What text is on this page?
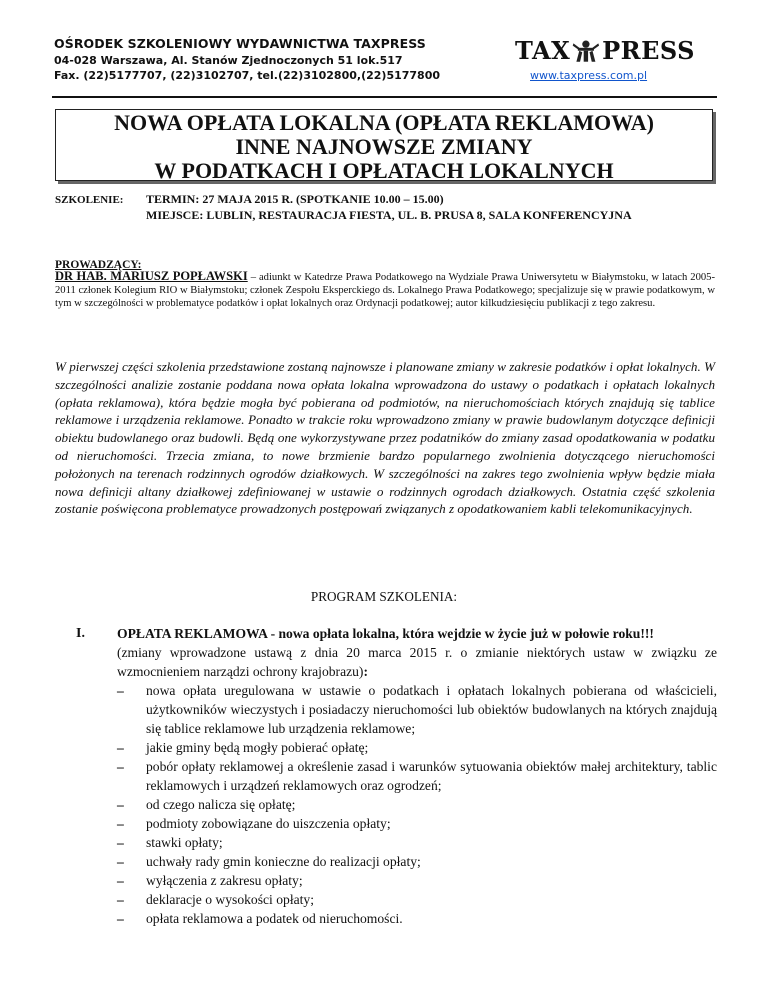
OŚRODEK SZKOLENIOWY WYDAWNICTWA TAXPRESS
04-028 Warszawa, Al. Stanów Zjednoczonych 51 lok.517
Fax. (22)5177707, (22)3102707, tel.(22)3102800,(22)5177800
TAX PRESS
www.taxpress.com.pl
NOWA OPŁATA LOKALNA (OPŁATA REKLAMOWA)
INNE NAJNOWSZE ZMIANY
W PODATKACH I OPŁATACH LOKALNYCH
SZKOLENIE: TERMIN: 27 MAJA 2015 R. (SPOTKANIE 10.00 – 15.00)
MIEJSCE: LUBLIN, RESTAURACJA FIESTA, UL. B. PRUSA 8, SALA KONFERENCYJNA
PROWADZĄCY:
DR HAB. MARIUSZ POPŁAWSKI – adiunkt w Katedrze Prawa Podatkowego na Wydziale Prawa Uniwersytetu w Białymstoku, w latach 2005-2011 członek Kolegium RIO w Białymstoku; członek Zespołu Eksperckiego ds. Lokalnego Prawa Podatkowego; specjalizuje się w prawie podatkowym, w tym w szczególności w problematyce podatków i opłat lokalnych oraz Ordynacji podatkowej; autor kilkudziesięciu publikacji z tego zakresu.
W pierwszej części szkolenia przedstawione zostaną najnowsze i planowane zmiany w zakresie podatków i opłat lokalnych. W szczególności analizie zostanie poddana nowa opłata lokalna wprowadzona do ustawy o podatkach i opłatach lokalnych (opłata reklamowa), która będzie mogła być pobierana od podmiotów, na nieruchomościach których znajdują się tablice reklamowe i urządzenia reklamowe. Ponadto w trakcie roku wprowadzono zmiany w prawie budowlanym dotyczące definicji obiektu budowlanego oraz budowli. Będą one wykorzystywane przez podatników do zmiany zasad opodatkowania w podatku od nieruchomości. Trzecia zmiana, to nowe brzmienie bardzo popularnego zwolnienia dotyczącego nieruchomości położonych na terenach rodzinnych ogrodów działkowych. W szczególności na zakres tego zwolnienia wpływ będzie miała nowa definicji altany działkowej zdefiniowanej w ustawie o rodzinnych ogrodach działkowych. Ostatnia część szkolenia zostanie poświęcona problematyce prowadzonych postępowań związanych z opodatkowaniem kabli telekomunikacyjnych.
PROGRAM SZKOLENIA:
I. OPŁATA REKLAMOWA - nowa opłata lokalna, która wejdzie w życie już w połowie roku!!!
(zmiany wprowadzone ustawą z dnia 20 marca 2015 r. o zmianie niektórych ustaw w związku ze wzmocnieniem narządzi ochrony krajobrazu):
– nowa opłata uregulowana w ustawie o podatkach i opłatach lokalnych pobierana od właścicieli, użytkowników wieczystych i posiadaczy nieruchomości lub obiektów budowlanych na których znajdują się tablice reklamowe lub urządzenia reklamowe;
– jakie gminy będą mogły pobierać opłatę;
– pobór opłaty reklamowej a określenie zasad i warunków sytuowania obiektów małej architektury, tablic reklamowych i urządzeń reklamowych oraz ogrodzeń;
– od czego nalicza się opłatę;
– podmioty zobowiązane do uiszczenia opłaty;
– stawki opłaty;
– uchwały rady gmin konieczne do realizacji opłaty;
– wyłączenia z zakresu opłaty;
– deklaracje o wysokości opłaty;
– opłata reklamowa a podatek od nieruchomości.
